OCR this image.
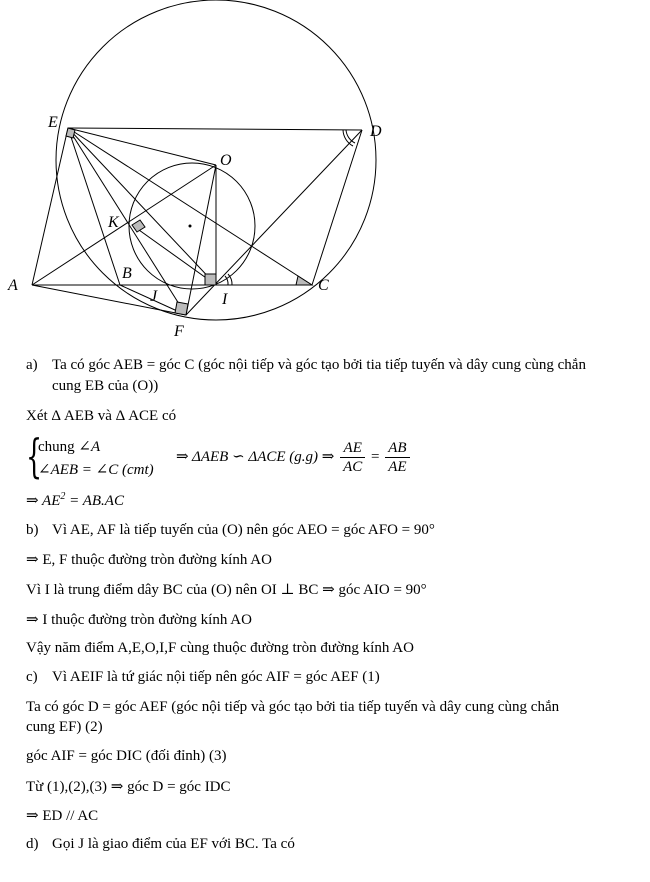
E
D
O
K
A
B
J	I
C
F
a) Ta có góc AEB = góc C (góc nội tiếp và góc tạo bởi tia tiếp tuyến và dây cung cùng chắn
cung EB của (O))
Xét Δ AEB và Δ ACE có
{
chung ∠A
∠AEB = ∠C (cmt)
⇒ ΔAEB ∽ ΔACE (g.g) ⇒ $\frac{AE}{AC} = \frac{AB}{AE}$
⇒ $AE^2 = AB.AC$
b) Vì AE, AF là tiếp tuyến của (O) nên góc AEO = góc AFO = 90°
⇒ E, F thuộc đường tròn đường kính AO
Vì I là trung điểm dây BC của (O) nên OI ⊥ BC ⇒ góc AIO = 90°
⇒ I thuộc đường tròn đường kính AO
Vậy năm điểm A,E,O,I,F cùng thuộc đường tròn đường kính AO
c) Vì AEIF là tứ giác nội tiếp nên góc AIF = góc AEF (1)
Ta có góc D = góc AEF (góc nội tiếp và góc tạo bởi tia tiếp tuyến và dây cung cùng chắn
cung EF) (2)
góc AIF = góc DIC (đối đỉnh) (3)
Từ (1),(2),(3) ⇒ góc D = góc IDC
⇒ ED // AC
d) Gọi J là giao điểm của EF với BC. Ta có
